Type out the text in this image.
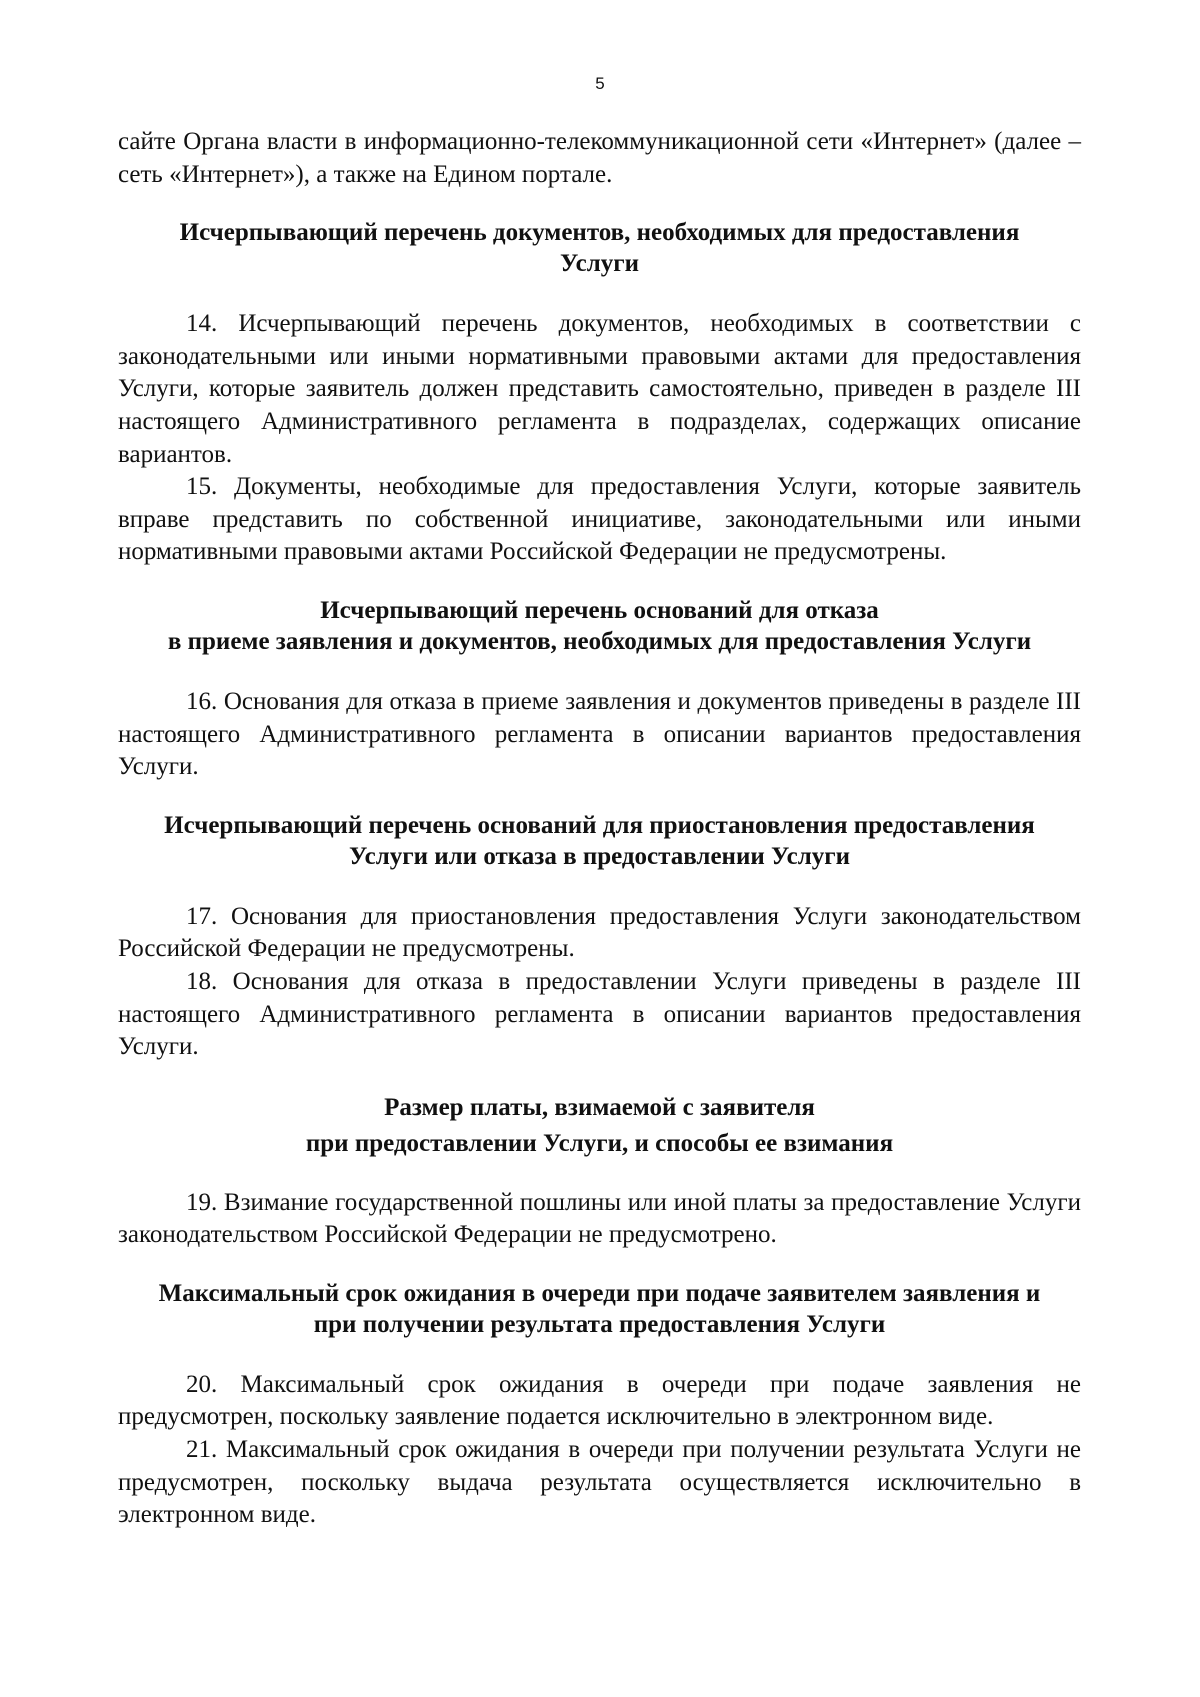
5

сайте Органа власти в информационно-телекоммуникационной сети «Интернет» (далее – сеть «Интернет»), а также на Едином портале.

Исчерпывающий перечень документов, необходимых для предоставления
Услуги

14. Исчерпывающий перечень документов, необходимых в соответствии с законодательными или иными нормативными правовыми актами для предоставления Услуги, которые заявитель должен представить самостоятельно, приведен в разделе III настоящего Административного регламента в подразделах, содержащих описание вариантов.

15. Документы, необходимые для предоставления Услуги, которые заявитель вправе представить по собственной инициативе, законодательными или иными нормативными правовыми актами Российской Федерации не предусмотрены.

Исчерпывающий перечень оснований для отказа
в приеме заявления и документов, необходимых для предоставления Услуги

16. Основания для отказа в приеме заявления и документов приведены в разделе III настоящего Административного регламента в описании вариантов предоставления Услуги.

Исчерпывающий перечень оснований для приостановления предоставления
Услуги или отказа в предоставлении Услуги

17. Основания для приостановления предоставления Услуги законодательством Российской Федерации не предусмотрены.

18. Основания для отказа в предоставлении Услуги приведены в разделе III настоящего Административного регламента в описании вариантов предоставления Услуги.

Размер платы, взимаемой с заявителя
при предоставлении Услуги, и способы ее взимания

19. Взимание государственной пошлины или иной платы за предоставление Услуги законодательством Российской Федерации не предусмотрено.

Максимальный срок ожидания в очереди при подаче заявителем заявления и
при получении результата предоставления Услуги

20. Максимальный срок ожидания в очереди при подаче заявления не предусмотрен, поскольку заявление подается исключительно в электронном виде.

21. Максимальный срок ожидания в очереди при получении результата Услуги не предусмотрен, поскольку выдача результата осуществляется исключительно в электронном виде.
